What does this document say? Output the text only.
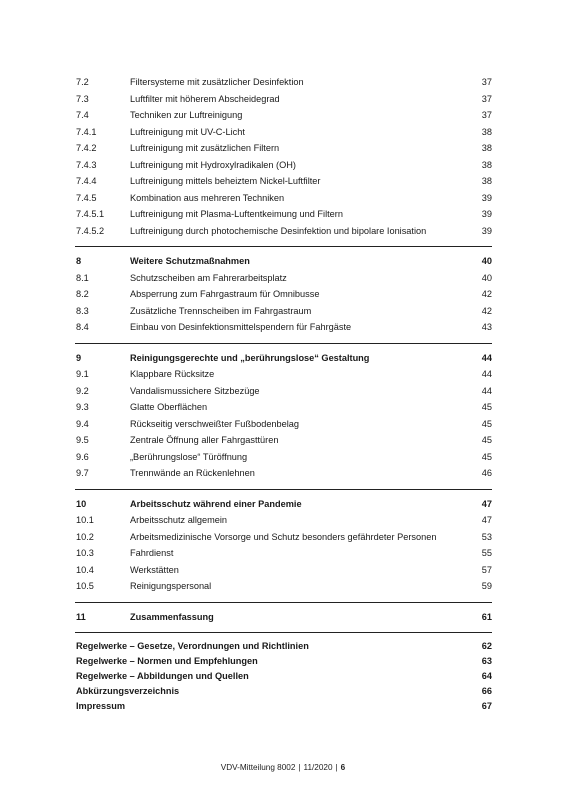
7.2	Filtersysteme mit zusätzlicher Desinfektion	37
7.3	Luftfilter mit höherem Abscheidegrad	37
7.4	Techniken zur Luftreinigung	37
7.4.1	Luftreinigung mit UV-C-Licht	38
7.4.2	Luftreinigung mit zusätzlichen Filtern	38
7.4.3	Luftreinigung mit Hydroxylradikalen (OH)	38
7.4.4	Luftreinigung mittels beheiztem Nickel-Luftfilter	38
7.4.5	Kombination aus mehreren Techniken	39
7.4.5.1	Luftreinigung mit Plasma-Luftentkeimung und Filtern	39
7.4.5.2	Luftreinigung durch photochemische Desinfektion und bipolare Ionisation	39
8	Weitere Schutzmaßnahmen	40
8.1	Schutzscheiben am Fahrerarbeitsplatz	40
8.2	Absperrung zum Fahrgastraum für Omnibusse	42
8.3	Zusätzliche Trennscheiben im Fahrgastraum	42
8.4	Einbau von Desinfektionsmittelspendern für Fahrgäste	43
9	Reinigungsgerechte und „berührungslose“ Gestaltung	44
9.1	Klappbare Rücksitze	44
9.2	Vandalismussichere Sitzbezüge	44
9.3	Glatte Oberflächen	45
9.4	Rückseitig verschweißter Fußbodenbelag	45
9.5	Zentrale Öffnung aller Fahrgasttüren	45
9.6	„Berührungslose“ Türöffnung	45
9.7	Trennwände an Rückenlehnen	46
10	Arbeitsschutz während einer Pandemie	47
10.1	Arbeitsschutz allgemein	47
10.2	Arbeitsmedizinische Vorsorge und Schutz besonders gefährdeter Personen	53
10.3	Fahrdienst	55
10.4	Werkstätten	57
10.5	Reinigungspersonal	59
11	Zusammenfassung	61
Regelwerke – Gesetze, Verordnungen und Richtlinien	62
Regelwerke – Normen und Empfehlungen	63
Regelwerke – Abbildungen und Quellen	64
Abkürzungsverzeichnis	66
Impressum	67
VDV-Mitteilung 8002 | 11/2020 | 6
